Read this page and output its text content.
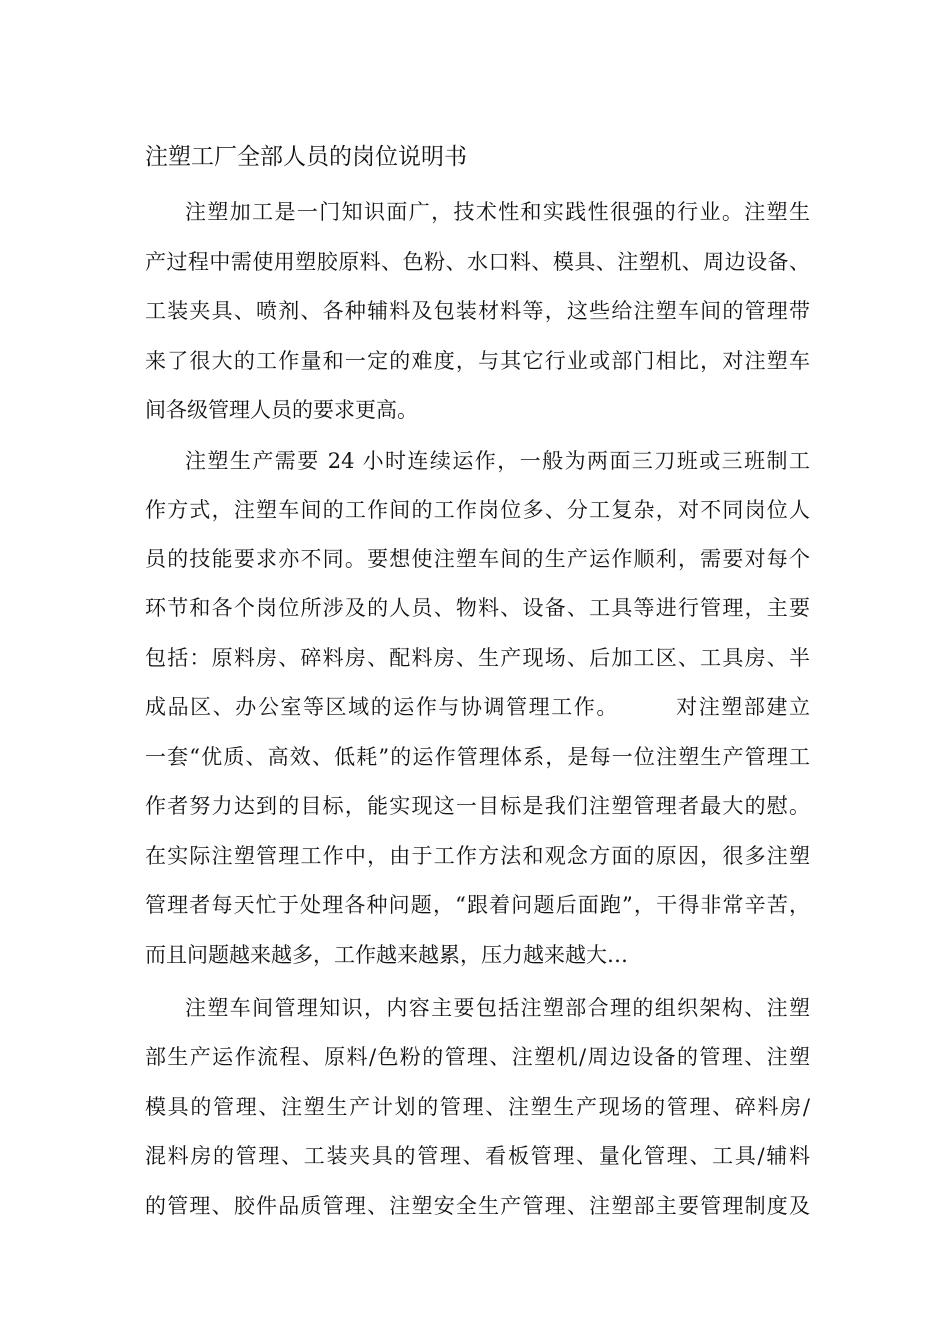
注塑工厂全部人员的岗位说明书
注塑加工是一门知识面广，技术性和实践性很强的行业。注塑生
产过程中需使用塑胶原料、色粉、水口料、模具、注塑机、周边设备、
工装夹具、喷剂、各种辅料及包装材料等，这些给注塑车间的管理带
来了很大的工作量和一定的难度，与其它行业或部门相比，对注塑车
间各级管理人员的要求更高。
注塑生产需要 24 小时连续运作，一般为两面三刀班或三班制工
作方式，注塑车间的工作间的工作岗位多、分工复杂，对不同岗位人
员的技能要求亦不同。要想使注塑车间的生产运作顺利，需要对每个
环节和各个岗位所涉及的人员、物料、设备、工具等进行管理，主要
包括：原料房、碎料房、配料房、生产现场、后加工区、工具房、半
成品区、办公室等区域的运作与协调管理工作。　　　对注塑部建立
一套“优质、高效、低耗”的运作管理体系，是每一位注塑生产管理工
作者努力达到的目标，能实现这一目标是我们注塑管理者最大的慰。
在实际注塑管理工作中，由于工作方法和观念方面的原因，很多注塑
管理者每天忙于处理各种问题，“跟着问题后面跑”，干得非常辛苦，
而且问题越来越多，工作越来越累，压力越来越大…
注塑车间管理知识，内容主要包括注塑部合理的组织架构、注塑
部生产运作流程、原料/色粉的管理、注塑机/周边设备的管理、注塑
模具的管理、注塑生产计划的管理、注塑生产现场的管理、碎料房/
混料房的管理、工装夹具的管理、看板管理、量化管理、工具/辅料
的管理、胶件品质管理、注塑安全生产管理、注塑部主要管理制度及
